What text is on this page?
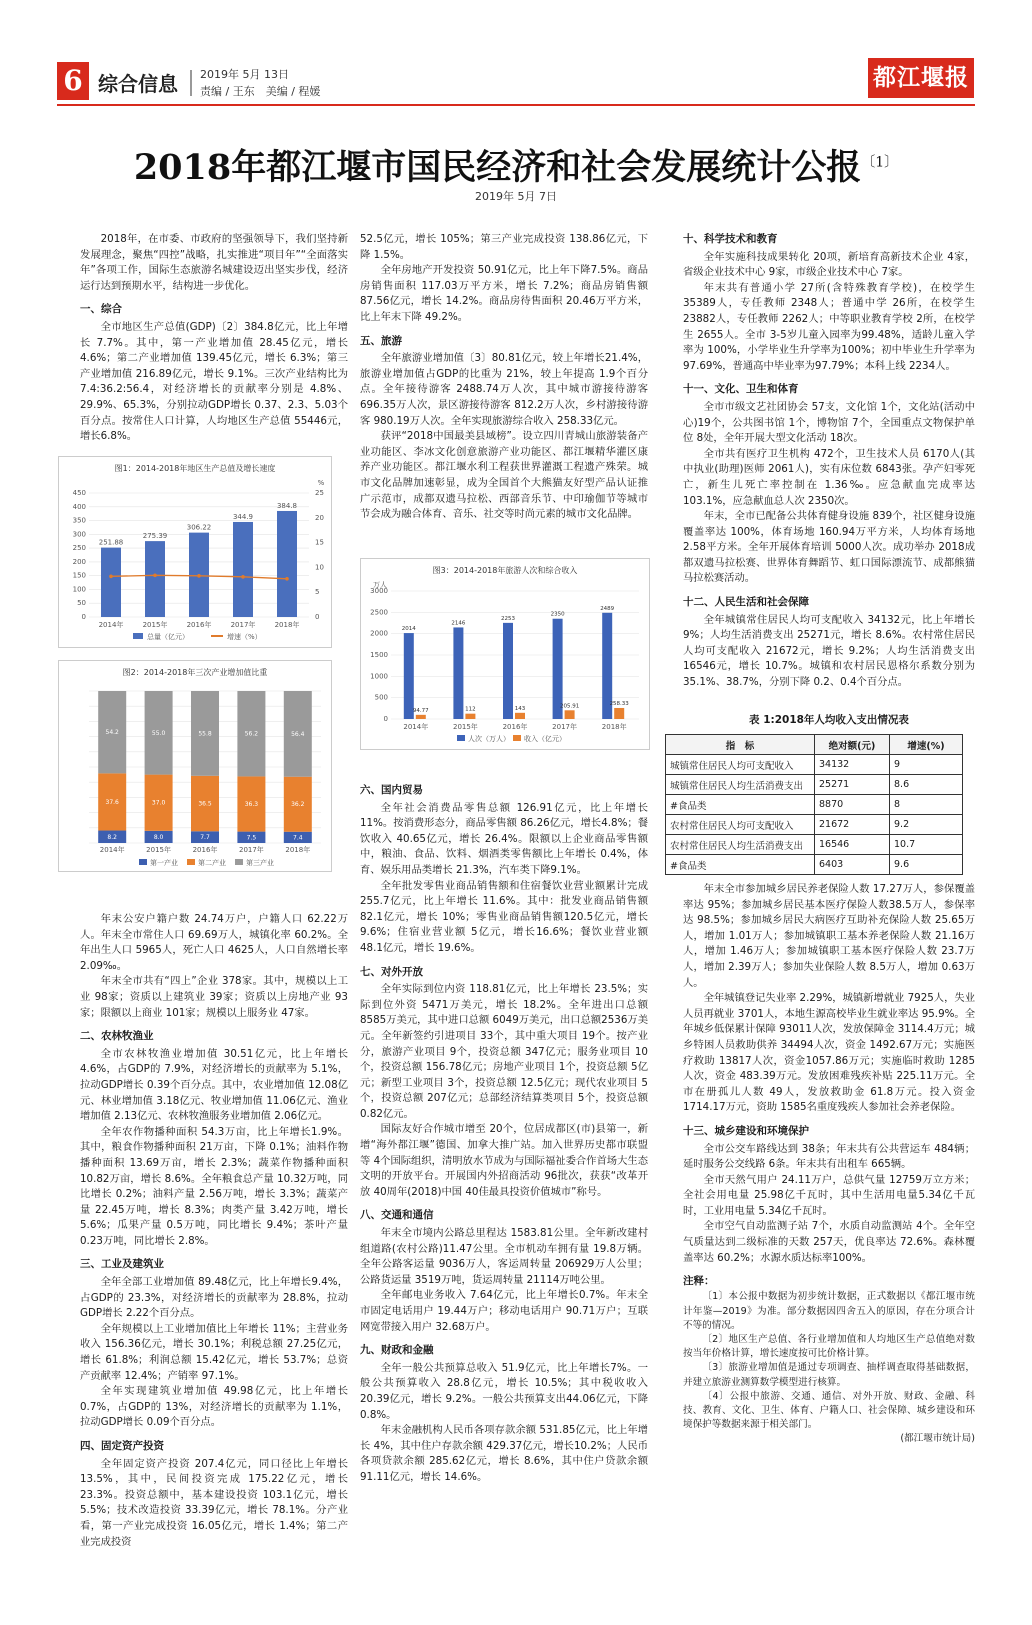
6 综合信息 2019年 5月 13日
责编 / 王东　美编 / 程媛
都江堰报
2018年都江堰市国民经济和社会发展统计公报$^{〔1〕}$
2019年 5月 7日

2018年，在市委、市政府的坚强领导下，我们坚持新发展理念，聚焦“四控”战略，扎实推进“项目年”“全面落实年”各项工作，国际生态旅游名城建设迈出坚实步伐，经济运行达到预期水平，结构进一步优化。

一、综合

全市地区生产总值(GDP)〔2〕384.8亿元，比上年增长 7.7%。其中，第一产业增加值 28.45亿元，增长4.6%；第二产业增加值 139.45亿元，增长 6.3%；第三产业增加值 216.89亿元，增长 9.1%。三次产业结构比为7.4:36.2:56.4，对经济增长的贡献率分别是 4.8%、29.9%、65.3%，分别拉动GDP增长 0.37、2.3、5.03个百分点。按常住人口计算，人均地区生产总值 55446元，增长6.8%。

图1：2014-2018年地区生产总值及增长速度
%
0
50
100
150
200
250
300
350
400
450
0
5
10
15
20
25
251.88
2014年
275.39
2015年
306.22
2016年
344.9
2017年
384.8
2018年
总量（亿元）	增速（%）
图2：2014-2018年三次产业增加值比重
8.2
37.6
54.2
2014年
8.0
37.0
55.0
2015年
7.7
36.5
55.8
2016年
7.5
36.3
56.2
2017年
7.4
36.2
56.4
2018年
第一产业	第二产业	第三产业

年末公安户籍户数 24.74万户，户籍人口 62.22万人。年末全市常住人口 69.69万人，城镇化率 60.2%。全年出生人口 5965人，死亡人口 4625人，人口自然增长率 2.09‰。

年末全市共有“四上”企业 378家。其中，规模以上工业 98家；资质以上建筑业 39家；资质以上房地产业 93家；限额以上商业 101家；规模以上服务业 47家。

二、农林牧渔业

全市农林牧渔业增加值 30.51亿元，比上年增长4.6%，占GDP的 7.9%，对经济增长的贡献率为 5.1%，拉动GDP增长 0.39个百分点。其中，农业增加值 12.08亿元、林业增加值 3.18亿元、牧业增加值 11.06亿元、渔业增加值 2.13亿元、农林牧渔服务业增加值 2.06亿元。

全年农作物播种面积 54.3万亩，比上年增长1.9%。其中，粮食作物播种面积 21万亩，下降 0.1%；油料作物播种面积 13.69万亩，增长 2.3%；蔬菜作物播种面积 10.82万亩，增长 8.6%。全年粮食总产量 10.32万吨，同比增长 0.2%；油料产量 2.56万吨，增长 3.3%；蔬菜产量 22.45万吨，增长 8.3%；肉类产量 3.42万吨，增长5.6%；瓜果产量 0.5万吨，同比增长 9.4%；茶叶产量 0.23万吨，同比增长 2.8%。

三、工业及建筑业

全年全部工业增加值 89.48亿元，比上年增长9.4%，占GDP的 23.3%，对经济增长的贡献率为 28.8%，拉动GDP增长 2.22个百分点。

全年规模以上工业增加值比上年增长 11%；主营业务收入 156.36亿元，增长 30.1%；利税总额 27.25亿元，增长 61.8%；利润总额 15.42亿元，增长 53.7%；总资产贡献率 12.4%；产销率 97.1%。

全年实现建筑业增加值 49.98亿元，比上年增长0.7%，占GDP的 13%，对经济增长的贡献率为 1.1%，拉动GDP增长 0.09个百分点。

四、固定资产投资

全年固定资产投资 207.4亿元，同口径比上年增长13.5%，其中，民间投资完成 175.22亿元，增长 23.3%。投资总额中，基本建设投资 103.1亿元，增长 5.5%；技术改造投资 33.39亿元，增长 78.1%。分产业看，第一产业完成投资 16.05亿元，增长 1.4%；第二产业完成投资

52.5亿元，增长 105%；第三产业完成投资 138.86亿元，下降 1.5%。

全年房地产开发投资 50.91亿元，比上年下降7.5%。商品房销售面积 117.03万平方米，增长 7.2%；商品房销售额 87.56亿元，增长 14.2%。商品房待售面积 20.46万平方米，比上年末下降 49.2%。

五、旅游

全年旅游业增加值〔3〕80.81亿元，较上年增长21.4%，旅游业增加值占GDP的比重为 21%，较上年提高 1.9个百分点。全年接待游客 2488.74万人次，其中城市游接待游客 696.35万人次，景区游接待游客 812.2万人次，乡村游接待游客 980.19万人次。全年实现旅游综合收入 258.33亿元。

获评“2018中国最美县域榜”。设立四川青城山旅游装备产业功能区、李冰文化创意旅游产业功能区、都江堰精华灌区康养产业功能区。都江堰水利工程获世界灌溉工程遗产殊荣。城市文化品牌加速彰显，成为全国首个大熊猫友好型产品认证推广示范市，成都双遗马拉松、西部音乐节、中印瑜伽节等城市节会成为融合体育、音乐、社交等时尚元素的城市文化品牌。

图3：2014-2018年旅游人次和综合收入
万人
0
500
1000
1500
2000
2500
3000
2014
94.77
2014年
2146
112
2015年
2253
143
2016年
2350
205.91
2017年
2489
258.33
2018年
人次（万人） 收入（亿元）
六、国内贸易

全年社会消费品零售总额 126.91亿元，比上年增长 11%。按消费形态分，商品零售额 86.26亿元，增长4.8%；餐饮收入 40.65亿元，增长 26.4%。限额以上企业商品零售额中，粮油、食品、饮料、烟酒类零售额比上年增长 0.4%，体育、娱乐用品类增长 21.3%，汽车类下降9.1%。

全年批发零售业商品销售额和住宿餐饮业营业额累计完成 255.7亿元，比上年增长 11.6%。其中：批发业商品销售额 82.1亿元，增长 10%；零售业商品销售额120.5亿元，增长 9.6%；住宿业营业额 5亿元，增长16.6%；餐饮业营业额 48.1亿元，增长 19.6%。

七、对外开放

全年实际到位内资 118.81亿元，比上年增长 23.5%；实际到位外资 5471万美元，增长 18.2%。全年进出口总额 8585万美元，其中进口总额 6049万美元，出口总额2536万美元。全年新签约引进项目 33个，其中重大项目 19个。按产业分，旅游产业项目 9个，投资总额 347亿元；服务业项目 10个，投资总额 156.78亿元；房地产业项目 1个，投资总额 5亿元；新型工业项目 3个，投资总额 12.5亿元；现代农业项目 5个，投资总额 207亿元；总部经济结算类项目 5个，投资总额 0.82亿元。

国际友好合作城市增至 20个，位居成都区(市)县第一，新增“海外都江堰”德国、加拿大推广站。加入世界历史都市联盟等 4个国际组织，清明放水节成为与国际福祉委合作首场大生态文明的开放平台。开展国内外招商活动 96批次，获获“改革开放 40周年(2018)中国 40佳最具投资价值城市”称号。

八、交通和通信

年末全市境内公路总里程达 1583.81公里。全年新改建村组道路(农村公路)11.47公里。全市机动车拥有量 19.8万辆。全年公路客运量 9036万人，客运周转量 206929万人公里；公路货运量 3519万吨，货运周转量 21114万吨公里。

全年邮电业务收入 7.64亿元，比上年增长0.7%。年末全市固定电话用户 19.44万户；移动电话用户 90.71万户；互联网宽带接入用户 32.68万户。

九、财政和金融

全年一般公共预算总收入 51.9亿元，比上年增长7%。一般公共预算收入 28.8亿元，增长 10.5%；其中税收收入 20.39亿元，增长 9.2%。一般公共预算支出44.06亿元，下降 0.8%。

年末金融机构人民币各项存款余额 531.85亿元，比上年增长 4%，其中住户存款余额 429.37亿元，增长10.2%；人民币各项贷款余额 285.62亿元，增长 8.6%，其中住户贷款余额 91.11亿元，增长 14.6%。

十、科学技术和教育

全年实施科技成果转化 20项，新培育高新技术企业 4家，省级企业技术中心 9家，市级企业技术中心 7家。

年末共有普通小学 27所(含特殊教育学校)，在校学生 35389人，专任教师 2348人；普通中学 26所，在校学生 23882人，专任教师 2262人；中等职业教育学校 2所，在校学生 2655人。全市 3-5岁儿童入园率为99.48%，适龄儿童入学率为 100%，小学毕业生升学率为100%；初中毕业生升学率为 97.69%，普通高中毕业率为97.79%；本科上线 2234人。

十一、文化、卫生和体育

全市市级文艺社团协会 57支，文化馆 1个，文化站(活动中心)19个，公共图书馆 1个，博物馆 7个，全国重点文物保护单位 8处，全年开展大型文化活动 18次。

全市共有医疗卫生机构 472个，卫生技术人员 6170人(其中执业(助理)医师 2061人)，实有床位数 6843张。孕产妇零死亡，新生儿死亡率控制在 1.36‰。应急献血完成率达 103.1%，应急献血总人次 2350次。

年末，全市已配备公共体育健身设施 839个，社区健身设施覆盖率达 100%，体育场地 160.94万平方米，人均体育场地 2.58平方米。全年开展体育培训 5000人次。成功举办 2018成都双遗马拉松赛、世界体育舞蹈节、虹口国际漂流节、成都熊猫马拉松赛活动。

十二、人民生活和社会保障

全年城镇常住居民人均可支配收入 34132元，比上年增长 9%；人均生活消费支出 25271元，增长 8.6%。农村常住居民人均可支配收入 21672元，增长 9.2%；人均生活消费支出 16546元，增长 10.7%。城镇和农村居民恩格尔系数分别为 35.1%、38.7%，分别下降 0.2、0.4个百分点。

表 1:2018年人均收入支出情况表
指　标	绝对额(元)	增速(%)
城镇常住居民人均可支配收入	34132	9
城镇常住居民人均生活消费支出	25271	8.6
#食品类	8870	8
农村常住居民人均可支配收入	21672	9.2
农村常住居民人均生活消费支出	16546	10.7
#食品类	6403	9.6

年末全市参加城乡居民养老保险人数 17.27万人，参保覆盖率达 95%；参加城乡居民基本医疗保险人数38.5万人，参保率达 98.5%；参加城乡居民大病医疗互助补充保险人数 25.65万人，增加 1.01万人；参加城镇职工基本养老保险人数 21.16万人，增加 1.46万人；参加城镇职工基本医疗保险人数 23.7万人，增加 2.39万人；参加失业保险人数 8.5万人，增加 0.63万人。

全年城镇登记失业率 2.29%，城镇新增就业 7925人，失业人员再就业 3701人，本地生源高校毕业生就业率达 95.9%。全年城乡低保累计保障 93011人次，发放保障金 3114.4万元；城乡特困人员救助供养 34494人次，资金 1492.67万元；实施医疗救助 13817人次，资金1057.86万元；实施临时救助 1285人次，资金 483.39万元。发放困难残疾补贴 225.11万元。全市在册孤儿人数 49人，发放救助金 61.8万元。投入资金 1714.17万元，资助 1585名重度残疾人参加社会养老保险。

十三、城乡建设和环境保护

全市公交车路线达到 38条；年末共有公共营运车 484辆；延时服务公交线路 6条。年末共有出租车 665辆。

全市天然气用户 24.11万户，总供气量 12759万立方米；全社会用电量 25.98亿千瓦时，其中生活用电量5.34亿千瓦时，工业用电量 5.34亿千瓦时。

全市空气自动监测子站 7个，水质自动监测站 4个。全年空气质量达到二级标准的天数 257天，优良率达 72.6%。森林覆盖率达 60.2%；水源水质达标率100%。

注释：

〔1〕本公报中数据为初步统计数据，正式数据以《都江堰市统计年鉴—2019》为准。部分数据因四舍五入的原因，存在分项合计不等的情况。

〔2〕地区生产总值、各行业增加值和人均地区生产总值绝对数按当年价格计算，增长速度按可比价格计算。

〔3〕旅游业增加值是通过专项调查、抽样调查取得基础数据，并建立旅游业测算数学模型进行核算。

〔4〕公报中旅游、交通、通信、对外开放、财政、金融、科技、教育、文化、卫生、体育、户籍人口、社会保障、城乡建设和环境保护等数据来源于相关部门。

(都江堰市统计局)
